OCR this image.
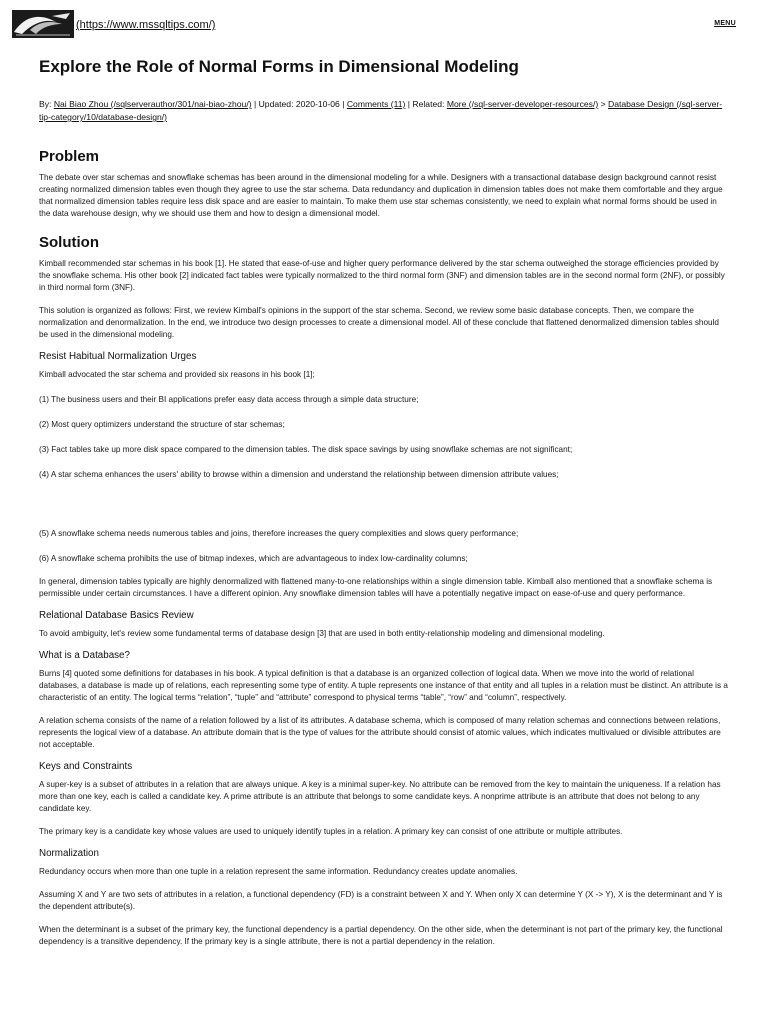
(https://www.mssqltips.com/)	MENU
Explore the Role of Normal Forms in Dimensional Modeling
By: Nai Biao Zhou (/sqlserverauthor/301/nai-biao-zhou/) | Updated: 2020-10-06 | Comments (11) | Related: More (/sql-server-developer-resources/) > Database Design (/sql-server-tip-category/10/database-design/)
Problem

The debate over star schemas and snowflake schemas has been around in the dimensional modeling for a while. Designers with a transactional database design background cannot resist creating normalized dimension tables even though they agree to use the star schema. Data redundancy and duplication in dimension tables does not make them comfortable and they argue that normalized dimension tables require less disk space and are easier to maintain. To make them use star schemas consistently, we need to explain what normal forms should be used in the data warehouse design, why we should use them and how to design a dimensional model.

Solution

Kimball recommended star schemas in his book [1]. He stated that ease-of-use and higher query performance delivered by the star schema outweighed the storage efficiencies provided by the snowflake schema. His other book [2] indicated fact tables were typically normalized to the third normal form (3NF) and dimension tables are in the second normal form (2NF), or possibly in third normal form (3NF).

This solution is organized as follows: First, we review Kimball's opinions in the support of the star schema. Second, we review some basic database concepts. Then, we compare the normalization and denormalization. In the end, we introduce two design processes to create a dimensional model. All of these conclude that flattened denormalized dimension tables should be used in the dimensional modeling.

Resist Habitual Normalization Urges

Kimball advocated the star schema and provided six reasons in his book [1];

(1) The business users and their BI applications prefer easy data access through a simple data structure;

(2) Most query optimizers understand the structure of star schemas;

(3) Fact tables take up more disk space compared to the dimension tables. The disk space savings by using snowflake schemas are not significant;

(4) A star schema enhances the users' ability to browse within a dimension and understand the relationship between dimension attribute values;

(5) A snowflake schema needs numerous tables and joins, therefore increases the query complexities and slows query performance;

(6) A snowflake schema prohibits the use of bitmap indexes, which are advantageous to index low-cardinality columns;

In general, dimension tables typically are highly denormalized with flattened many-to-one relationships within a single dimension table. Kimball also mentioned that a snowflake schema is permissible under certain circumstances. I have a different opinion. Any snowflake dimension tables will have a potentially negative impact on ease-of-use and query performance.

Relational Database Basics Review

To avoid ambiguity, let's review some fundamental terms of database design [3] that are used in both entity-relationship modeling and dimensional modeling.

What is a Database?

Burns [4] quoted some definitions for databases in his book. A typical definition is that a database is an organized collection of logical data. When we move into the world of relational databases, a database is made up of relations, each representing some type of entity. A tuple represents one instance of that entity and all tuples in a relation must be distinct. An attribute is a characteristic of an entity. The logical terms “relation”, “tuple” and “attribute” correspond to physical terms “table”, “row” and “column”, respectively.

A relation schema consists of the name of a relation followed by a list of its attributes. A database schema, which is composed of many relation schemas and connections between relations, represents the logical view of a database. An attribute domain that is the type of values for the attribute should consist of atomic values, which indicates multivalued or divisible attributes are not acceptable.

Keys and Constraints

A super-key is a subset of attributes in a relation that are always unique. A key is a minimal super-key. No attribute can be removed from the key to maintain the uniqueness. If a relation has more than one key, each is called a candidate key. A prime attribute is an attribute that belongs to some candidate keys. A nonprime attribute is an attribute that does not belong to any candidate key.

The primary key is a candidate key whose values are used to uniquely identify tuples in a relation. A primary key can consist of one attribute or multiple attributes.

Normalization

Redundancy occurs when more than one tuple in a relation represent the same information. Redundancy creates update anomalies.

Assuming X and Y are two sets of attributes in a relation, a functional dependency (FD) is a constraint between X and Y. When only X can determine Y (X -> Y), X is the determinant and Y is the dependent attribute(s).

When the determinant is a subset of the primary key, the functional dependency is a partial dependency. On the other side, when the determinant is not part of the primary key, the functional dependency is a transitive dependency. If the primary key is a single attribute, there is not a partial dependency in the relation.
